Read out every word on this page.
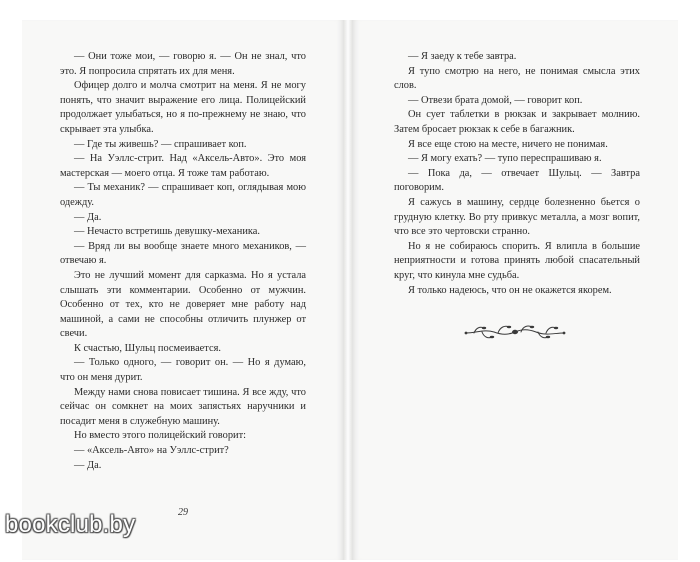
— Они тоже мои, — говорю я. — Он не знал, что это. Я попросила спрятать их для меня.

Офицер долго и молча смотрит на меня. Я не могу понять, что значит выражение его лица. Полицейский продолжает улыбаться, но я по-прежнему не знаю, что скрывает эта улыбка.

— Где ты живешь? — спрашивает коп.

— На Уэллс-стрит. Над «Аксель-Авто». Это моя мастерская — моего отца. Я тоже там работаю.

— Ты механик? — спрашивает коп, оглядывая мою одежду.

— Да.

— Нечасто встретишь девушку-механика.

— Вряд ли вы вообще знаете много механиков, — отвечаю я.

Это не лучший момент для сарказма. Но я устала слышать эти комментарии. Особенно от мужчин. Особенно от тех, кто не доверяет мне работу над машиной, а сами не способны отличить плунжер от свечи.

К счастью, Шульц посмеивается.

— Только одного, — говорит он. — Но я думаю, что он меня дурит.

Между нами снова повисает тишина. Я все жду, что сейчас он сомкнет на моих запястьях наручники и посадит меня в служебную машину.

Но вместо этого полицейский говорит:

— «Аксель-Авто» на Уэллс-стрит?

— Да.

29

— Я заеду к тебе завтра.

Я тупо смотрю на него, не понимая смысла этих слов.

— Отвези брата домой, — говорит коп.

Он сует таблетки в рюкзак и закрывает молнию. Затем бросает рюкзак к себе в багажник.

Я все еще стою на месте, ничего не понимая.

— Я могу ехать? — тупо переспрашиваю я.

— Пока да, — отвечает Шульц. — Завтра поговорим.

Я сажусь в машину, сердце болезненно бьется о грудную клетку. Во рту привкус металла, а мозг вопит, что все это чертовски странно.

Но я не собираюсь спорить. Я влипла в большие неприятности и готова принять любой спасательный круг, что кинула мне судьба.

Я только надеюсь, что он не окажется якорем.

bookclub.by
